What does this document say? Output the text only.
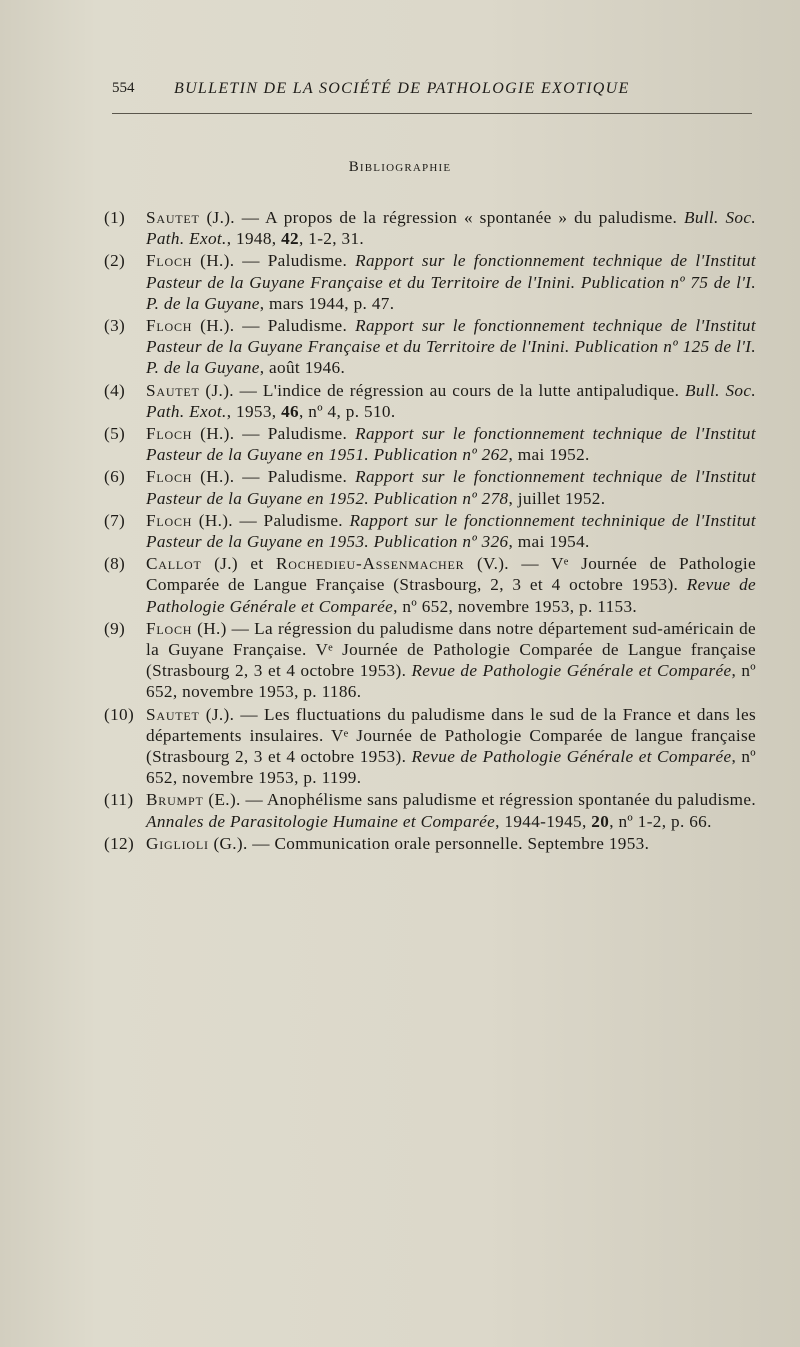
554 BULLETIN DE LA SOCIÉTÉ DE PATHOLOGIE EXOTIQUE
Bibliographie
(1) Sautet (J.). — A propos de la régression « spontanée » du paludisme. Bull. Soc. Path. Exot., 1948, 42, 1-2, 31.
(2) Floch (H.). — Paludisme. Rapport sur le fonctionnement technique de l'Institut Pasteur de la Guyane Française et du Territoire de l'Inini. Publication nº 75 de l'I. P. de la Guyane, mars 1944, p. 47.
(3) Floch (H.). — Paludisme. Rapport sur le fonctionnement technique de l'Institut Pasteur de la Guyane Française et du Territoire de l'Inini. Publication nº 125 de l'I. P. de la Guyane, août 1946.
(4) Sautet (J.). — L'indice de régression au cours de la lutte antipaludique. Bull. Soc. Path. Exot., 1953, 46, nº 4, p. 510.
(5) Floch (H.). — Paludisme. Rapport sur le fonctionnement technique de l'Institut Pasteur de la Guyane en 1951. Publication nº 262, mai 1952.
(6) Floch (H.). — Paludisme. Rapport sur le fonctionnement technique de l'Institut Pasteur de la Guyane en 1952. Publication nº 278, juillet 1952.
(7) Floch (H.). — Paludisme. Rapport sur le fonctionnement techninique de l'Institut Pasteur de la Guyane en 1953. Publication nº 326, mai 1954.
(8) Callot (J.) et Rochedieu-Assenmacher (V.). — Vᵉ Journée de Pathologie Comparée de Langue Française (Strasbourg, 2, 3 et 4 octobre 1953). Revue de Pathologie Générale et Comparée, nº 652, novembre 1953, p. 1153.
(9) Floch (H.) — La régression du paludisme dans notre département sud-américain de la Guyane Française. Vᵉ Journée de Pathologie Comparée de Langue française (Strasbourg 2, 3 et 4 octobre 1953). Revue de Pathologie Générale et Comparée, nº 652, novembre 1953, p. 1186.
(10) Sautet (J.). — Les fluctuations du paludisme dans le sud de la France et dans les départements insulaires. Vᵉ Journée de Pathologie Comparée de langue française (Strasbourg 2, 3 et 4 octobre 1953). Revue de Pathologie Générale et Comparée, nº 652, novembre 1953, p. 1199.
(11) Brumpt (E.). — Anophélisme sans paludisme et régression spontanée du paludisme. Annales de Parasitologie Humaine et Comparée, 1944-1945, 20, nº 1-2, p. 66.
(12) Giglioli (G.). — Communication orale personnelle. Septembre 1953.
